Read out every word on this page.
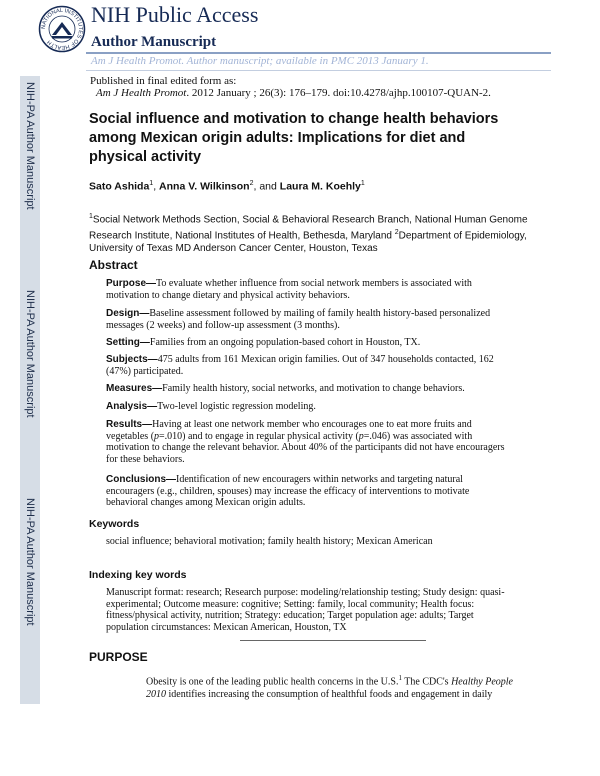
NIH-PA Author Manuscript
NIH-PA Author Manuscript
NIH-PA Author Manuscript
NATIONAL INSTITUTES OF HEALTH
NIH Public Access
Author Manuscript
Am J Health Promot. Author manuscript; available in PMC 2013 January 1.
Published in final edited form as:
Am J Health Promot. 2012 January ; 26(3): 176–179. doi:10.4278/ajhp.100107-QUAN-2.
Social influence and motivation to change health behaviors among Mexican origin adults: Implications for diet and physical activity
Sato Ashida$^1$, Anna V. Wilkinson$^2$, and Laura M. Koehly$^1$
$^1$Social Network Methods Section, Social & Behavioral Research Branch, National Human Genome Research Institute, National Institutes of Health, Bethesda, Maryland $^2$Department of Epidemiology, University of Texas MD Anderson Cancer Center, Houston, Texas
Abstract
Purpose—To evaluate whether influence from social network members is associated with motivation to change dietary and physical activity behaviors.
Design—Baseline assessment followed by mailing of family health history-based personalized messages (2 weeks) and follow-up assessment (3 months).
Setting—Families from an ongoing population-based cohort in Houston, TX.
Subjects—475 adults from 161 Mexican origin families. Out of 347 households contacted, 162 (47%) participated.
Measures—Family health history, social networks, and motivation to change behaviors.
Analysis—Two-level logistic regression modeling.
Results—Having at least one network member who encourages one to eat more fruits and vegetables (p=.010) and to engage in regular physical activity (p=.046) was associated with motivation to change the relevant behavior. About 40% of the participants did not have encouragers for these behaviors.
Conclusions—Identification of new encouragers within networks and targeting natural encouragers (e.g., children, spouses) may increase the efficacy of interventions to motivate behavioral changes among Mexican origin adults.
Keywords
social influence; behavioral motivation; family health history; Mexican American
Indexing key words
Manuscript format: research; Research purpose: modeling/relationship testing; Study design: quasi-experimental; Outcome measure: cognitive; Setting: family, local community; Health focus: fitness/physical activity, nutrition; Strategy: education; Target population age: adults; Target population circumstances: Mexican American, Houston, TX
PURPOSE
Obesity is one of the leading public health concerns in the U.S.$^1$ The CDC's Healthy People 2010 identifies increasing the consumption of healthful foods and engagement in daily
